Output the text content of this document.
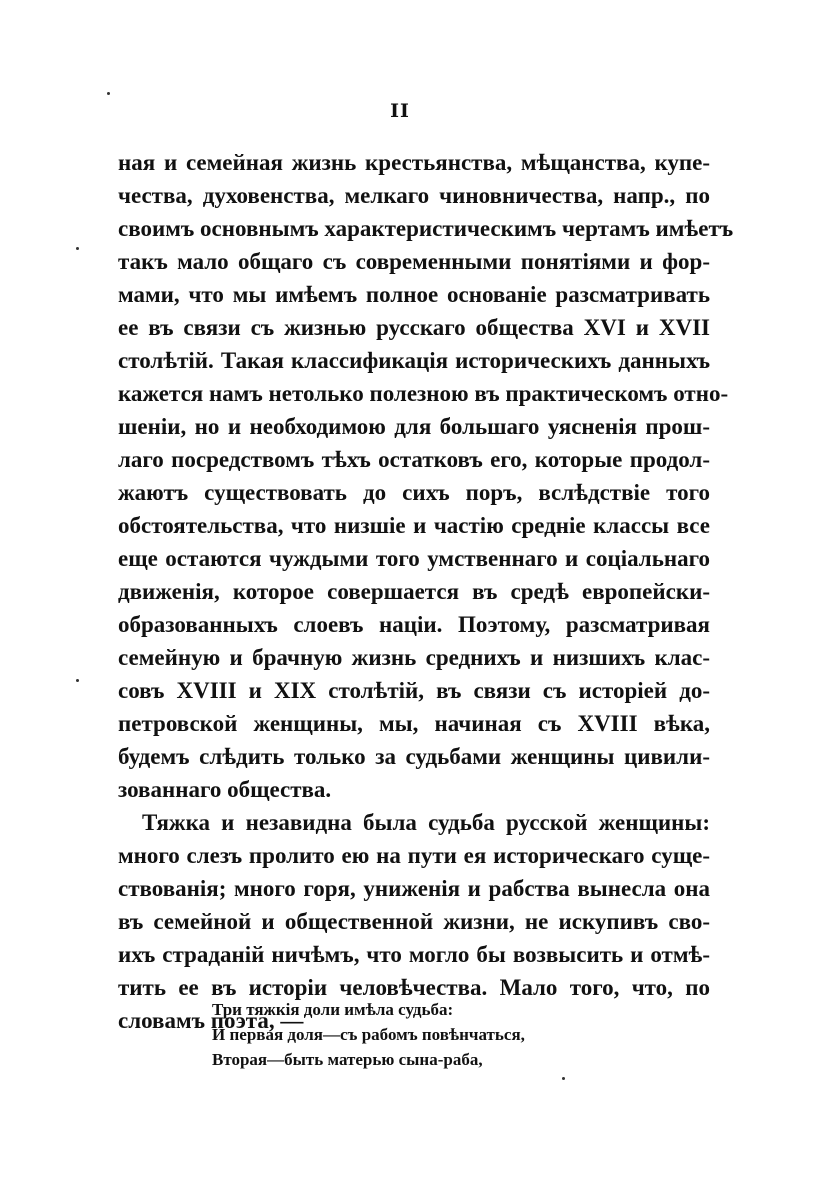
II
ная и семейная жизнь крестьянства, мѣщанства, купе-
чества, духовенства, мелкаго чиновничества, напр., по
своимъ основнымъ характеристическимъ чертамъ имѣетъ
такъ мало общаго съ современными понятіями и фор-
мами, что мы имѣемъ полное основаніе разсматривать
ее въ связи съ жизнью русскаго общества XVI и XVII
столѣтій. Такая классификація историческихъ данныхъ
кажется намъ нетолько полезною въ практическомъ отно-
шеніи, но и необходимою для большаго уясненія прош-
лаго посредствомъ тѣхъ остатковъ его, которые продол-
жаютъ существовать до сихъ поръ, вслѣдствіе того
обстоятельства, что низшіе и частію средніе классы все
еще остаются чуждыми того умственнаго и соціальнаго
движенія, которое совершается въ средѣ европейски-
образованныхъ слоевъ націи. Поэтому, разсматривая
семейную и брачную жизнь среднихъ и низшихъ клас-
совъ XVIII и XIX столѣтій, въ связи съ исторіей до-
петровской женщины, мы, начиная съ XVIII вѣка,
будемъ слѣдить только за судьбами женщины цивили-
зованнаго общества.
Тяжка и незавидна была судьба русской женщины:
много слезъ пролито ею на пути ея историческаго суще-
ствованія; много горя, униженія и рабства вынесла она
въ семейной и общественной жизни, не искупивъ сво-
ихъ страданій ничѣмъ, что могло бы возвысить и отмѣ-
тить ее въ исторіи человѣчества. Мало того, что, по
словамъ поэта, —
Три тяжкія доли имѣла судьба:
И первая доля—съ рабомъ повѣнчаться,
Вторая—быть матерью сына-раба,
